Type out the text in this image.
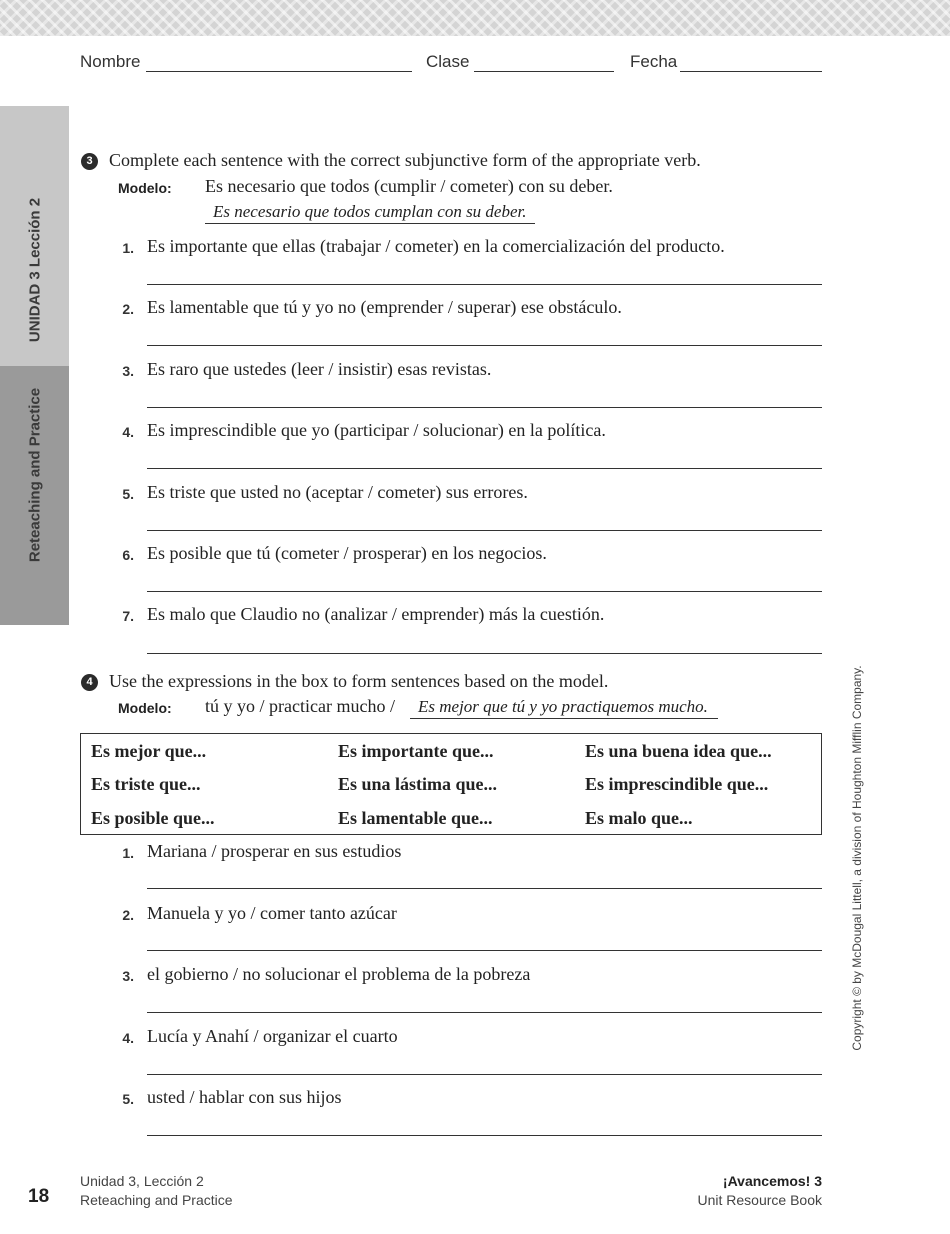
Nombre	Clase	Fecha
UNIDAD 3 Lección 2
Reteaching and Practice
3 Complete each sentence with the correct subjunctive form of the appropriate verb.
Modelo: Es necesario que todos (cumplir / cometer) con su deber.
Es necesario que todos cumplan con su deber.
1. Es importante que ellas (trabajar / cometer) en la comercialización del producto.
2. Es lamentable que tú y yo no (emprender / superar) ese obstáculo.
3. Es raro que ustedes (leer / insistir) esas revistas.
4. Es imprescindible que yo (participar / solucionar) en la política.
5. Es triste que usted no (aceptar / cometer) sus errores.
6. Es posible que tú (cometer / prosperar) en los negocios.
7. Es malo que Claudio no (analizar / emprender) más la cuestión.
4 Use the expressions in the box to form sentences based on the model.
Modelo: tú y yo / practicar mucho /	Es mejor que tú y yo practiquemos mucho.
Es mejor que...	Es importante que...	Es una buena idea que...
Es triste que...	Es una lástima que...	Es imprescindible que...
Es posible que...	Es lamentable que...	Es malo que...
1. Mariana / prosperar en sus estudios
2. Manuela y yo / comer tanto azúcar
3. el gobierno / no solucionar el problema de la pobreza
4. Lucía y Anahí / organizar el cuarto
5. usted / hablar con sus hijos
Copyright © by McDougal Littell, a division of Houghton Mifflin Company.
18
Unidad 3, Lección 2
Reteaching and Practice
¡Avancemos! 3
Unit Resource Book
